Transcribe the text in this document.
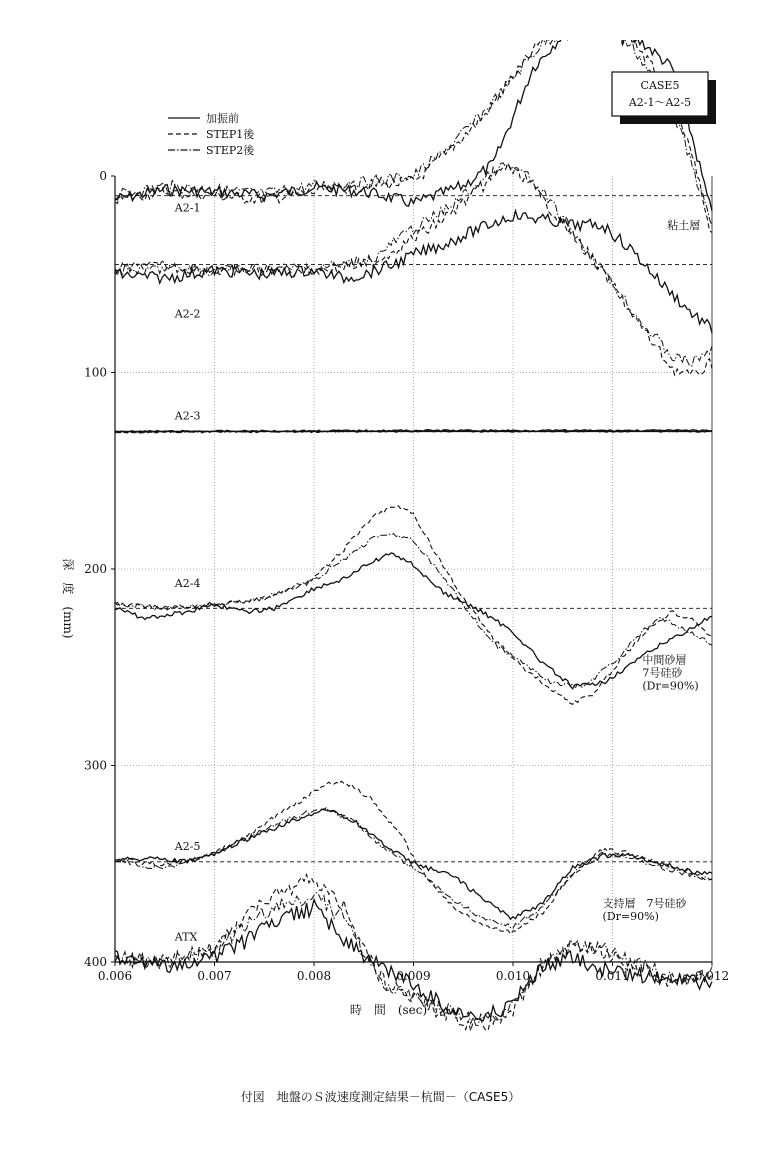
0.006	0.007	0.008	0.009	0.010	0.011	0.012
0
100
200
300
400
時　間　(sec)
深　度　(mm)
A2-1
A2-2
A2-3
A2-4
A2-5
ATX
粘土層
中間砂層
7号硅砂
(Dr=90%)
支持層　7号硅砂
(Dr=90%)
加振前
STEP1後
STEP2後
CASE5
A2-1～A2-5
付図　地盤のＳ波速度測定結果－杭間－（CASE5）
